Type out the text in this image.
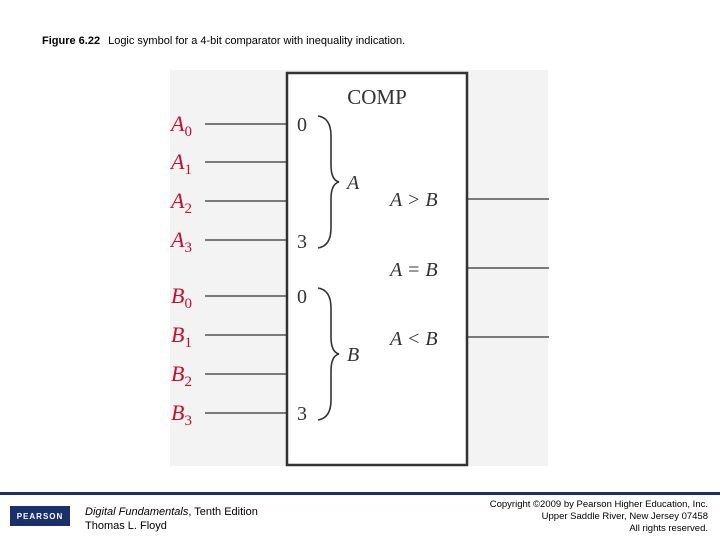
Figure 6.22 Logic symbol for a 4-bit comparator with inequality indication.
COMP
$A_0$
$A_1$
$A_2$
$A_3$
$B_0$
$B_1$
$B_2$
$B_3$
0
3
A
0
3
B
A > B
A = B
A < B
PEARSON	Digital Fundamentals, Tenth Edition
Thomas L. Floyd
Copyright ©2009 by Pearson Higher Education, Inc.
Upper Saddle River, New Jersey 07458
All rights reserved.
